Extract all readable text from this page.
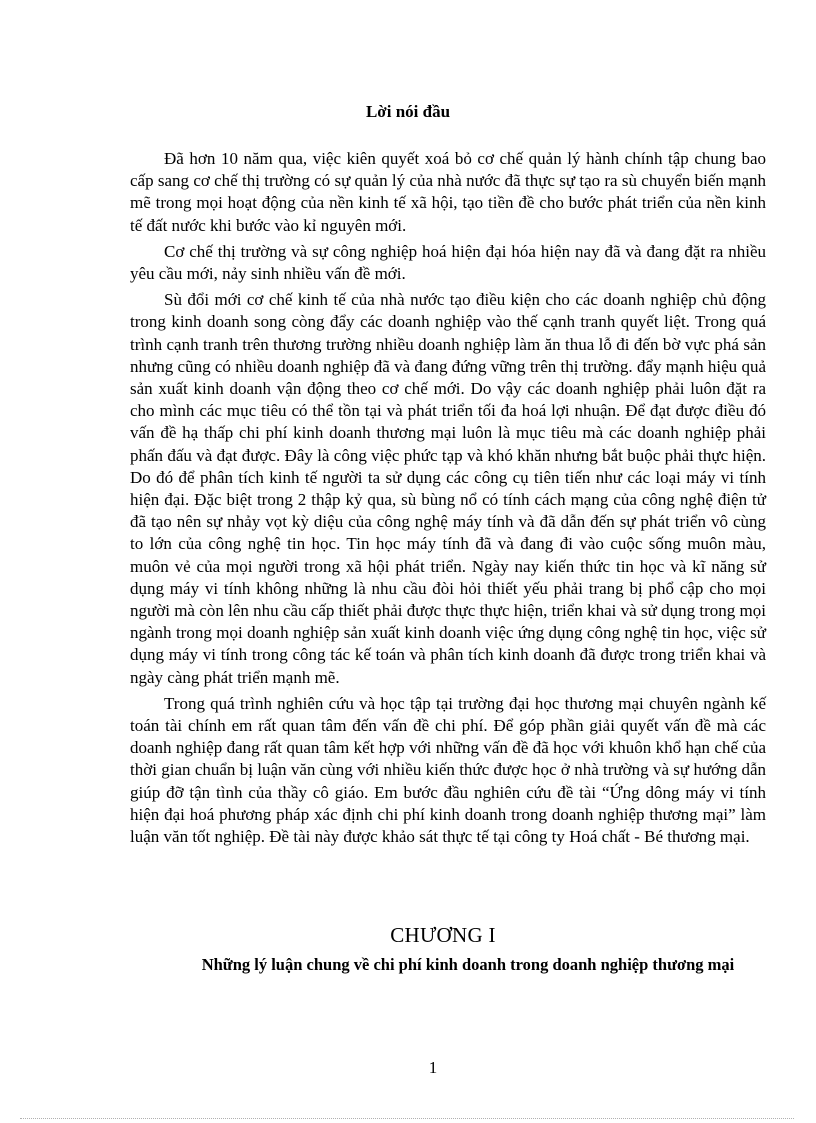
Lời nói đầu

Đã hơn 10 năm qua, việc kiên quyết xoá bỏ cơ chế quản lý hành chính tập chung bao cấp sang cơ chế thị trường có sự quản lý của nhà nước đã thực sự tạo ra sù chuyển biến mạnh mẽ trong mọi hoạt động của nền kinh tế xã hội, tạo tiền đề cho bước phát triển của nền kinh tế đất nước khi bước vào kỉ nguyên mới.

Cơ chế thị trường và sự công nghiệp hoá hiện đại hóa hiện nay đã và đang đặt ra nhiều yêu cầu mới, nảy sinh nhiều vấn đề mới.

Sù đổi mới cơ chế kinh tế của nhà nước tạo điều kiện cho các doanh nghiệp chủ động trong kinh doanh song còng đẩy các doanh nghiệp vào thế cạnh tranh quyết liệt. Trong quá trình cạnh tranh trên thương trường nhiều doanh nghiệp làm ăn thua lỗ đi đến bờ vực phá sản nhưng cũng có nhiều doanh nghiệp đã và đang đứng vững trên thị trường. đẩy mạnh hiệu quả sản xuất kinh doanh vận động theo cơ chế mới. Do vậy các doanh nghiệp phải luôn đặt ra cho mình các mục tiêu có thể tồn tại và phát triển tối đa hoá lợi nhuận. Để đạt được điều đó vấn đề hạ thấp chi phí kinh doanh thương mại luôn là mục tiêu mà các doanh nghiệp phải phấn đấu và đạt được. Đây là công việc phức tạp và khó khăn nhưng bắt buộc phải thực hiện. Do đó để phân tích kinh tế người ta sử dụng các công cụ tiên tiến như các loại máy vi tính hiện đại. Đặc biệt trong 2 thập kỷ qua, sù bùng nổ có tính cách mạng của công nghệ điện tử đã tạo nên sự nhảy vọt kỳ diệu của công nghệ máy tính và đã dẫn đến sự phát triển vô cùng to lớn của công nghệ tin học. Tin học máy tính đã và đang đi vào cuộc sống muôn màu, muôn vẻ của mọi người trong xã hội phát triển. Ngày nay kiến thức tin học và kĩ năng sử dụng máy vi tính không những là nhu cầu đòi hỏi thiết yếu phải trang bị phổ cập cho mọi người mà còn lên nhu cầu cấp thiết phải được thực thực hiện, triển khai và sử dụng trong mọi ngành trong mọi doanh nghiệp sản xuất kinh doanh việc ứng dụng công nghệ tin học, việc sử dụng máy vi tính trong công tác kế toán và phân tích kinh doanh đã được trong triển khai và ngày càng phát triển mạnh mẽ.

Trong quá trình nghiên cứu và học tập tại trường đại học thương mại chuyên ngành kế toán tài chính em rất quan tâm đến vấn đề chi phí. Để góp phần giải quyết vấn đề mà các doanh nghiệp đang rất quan tâm kết hợp với những vấn đề đã học với khuôn khổ hạn chế của thời gian chuẩn bị luận văn cùng với nhiều kiến thức được học ở nhà trường và sự hướng dẫn giúp đỡ tận tình của thầy cô giáo. Em bước đầu nghiên cứu đề tài “Ứng dông máy vi tính hiện đại hoá phương pháp xác định chi phí kinh doanh trong doanh nghiệp thương mại” làm luận văn tốt nghiệp. Đề tài này được khảo sát thực tế tại công ty Hoá chất - Bé thương mại.

CHƯƠNG I
Những lý luận chung về chi phí kinh doanh trong doanh nghiệp thương mại
1
